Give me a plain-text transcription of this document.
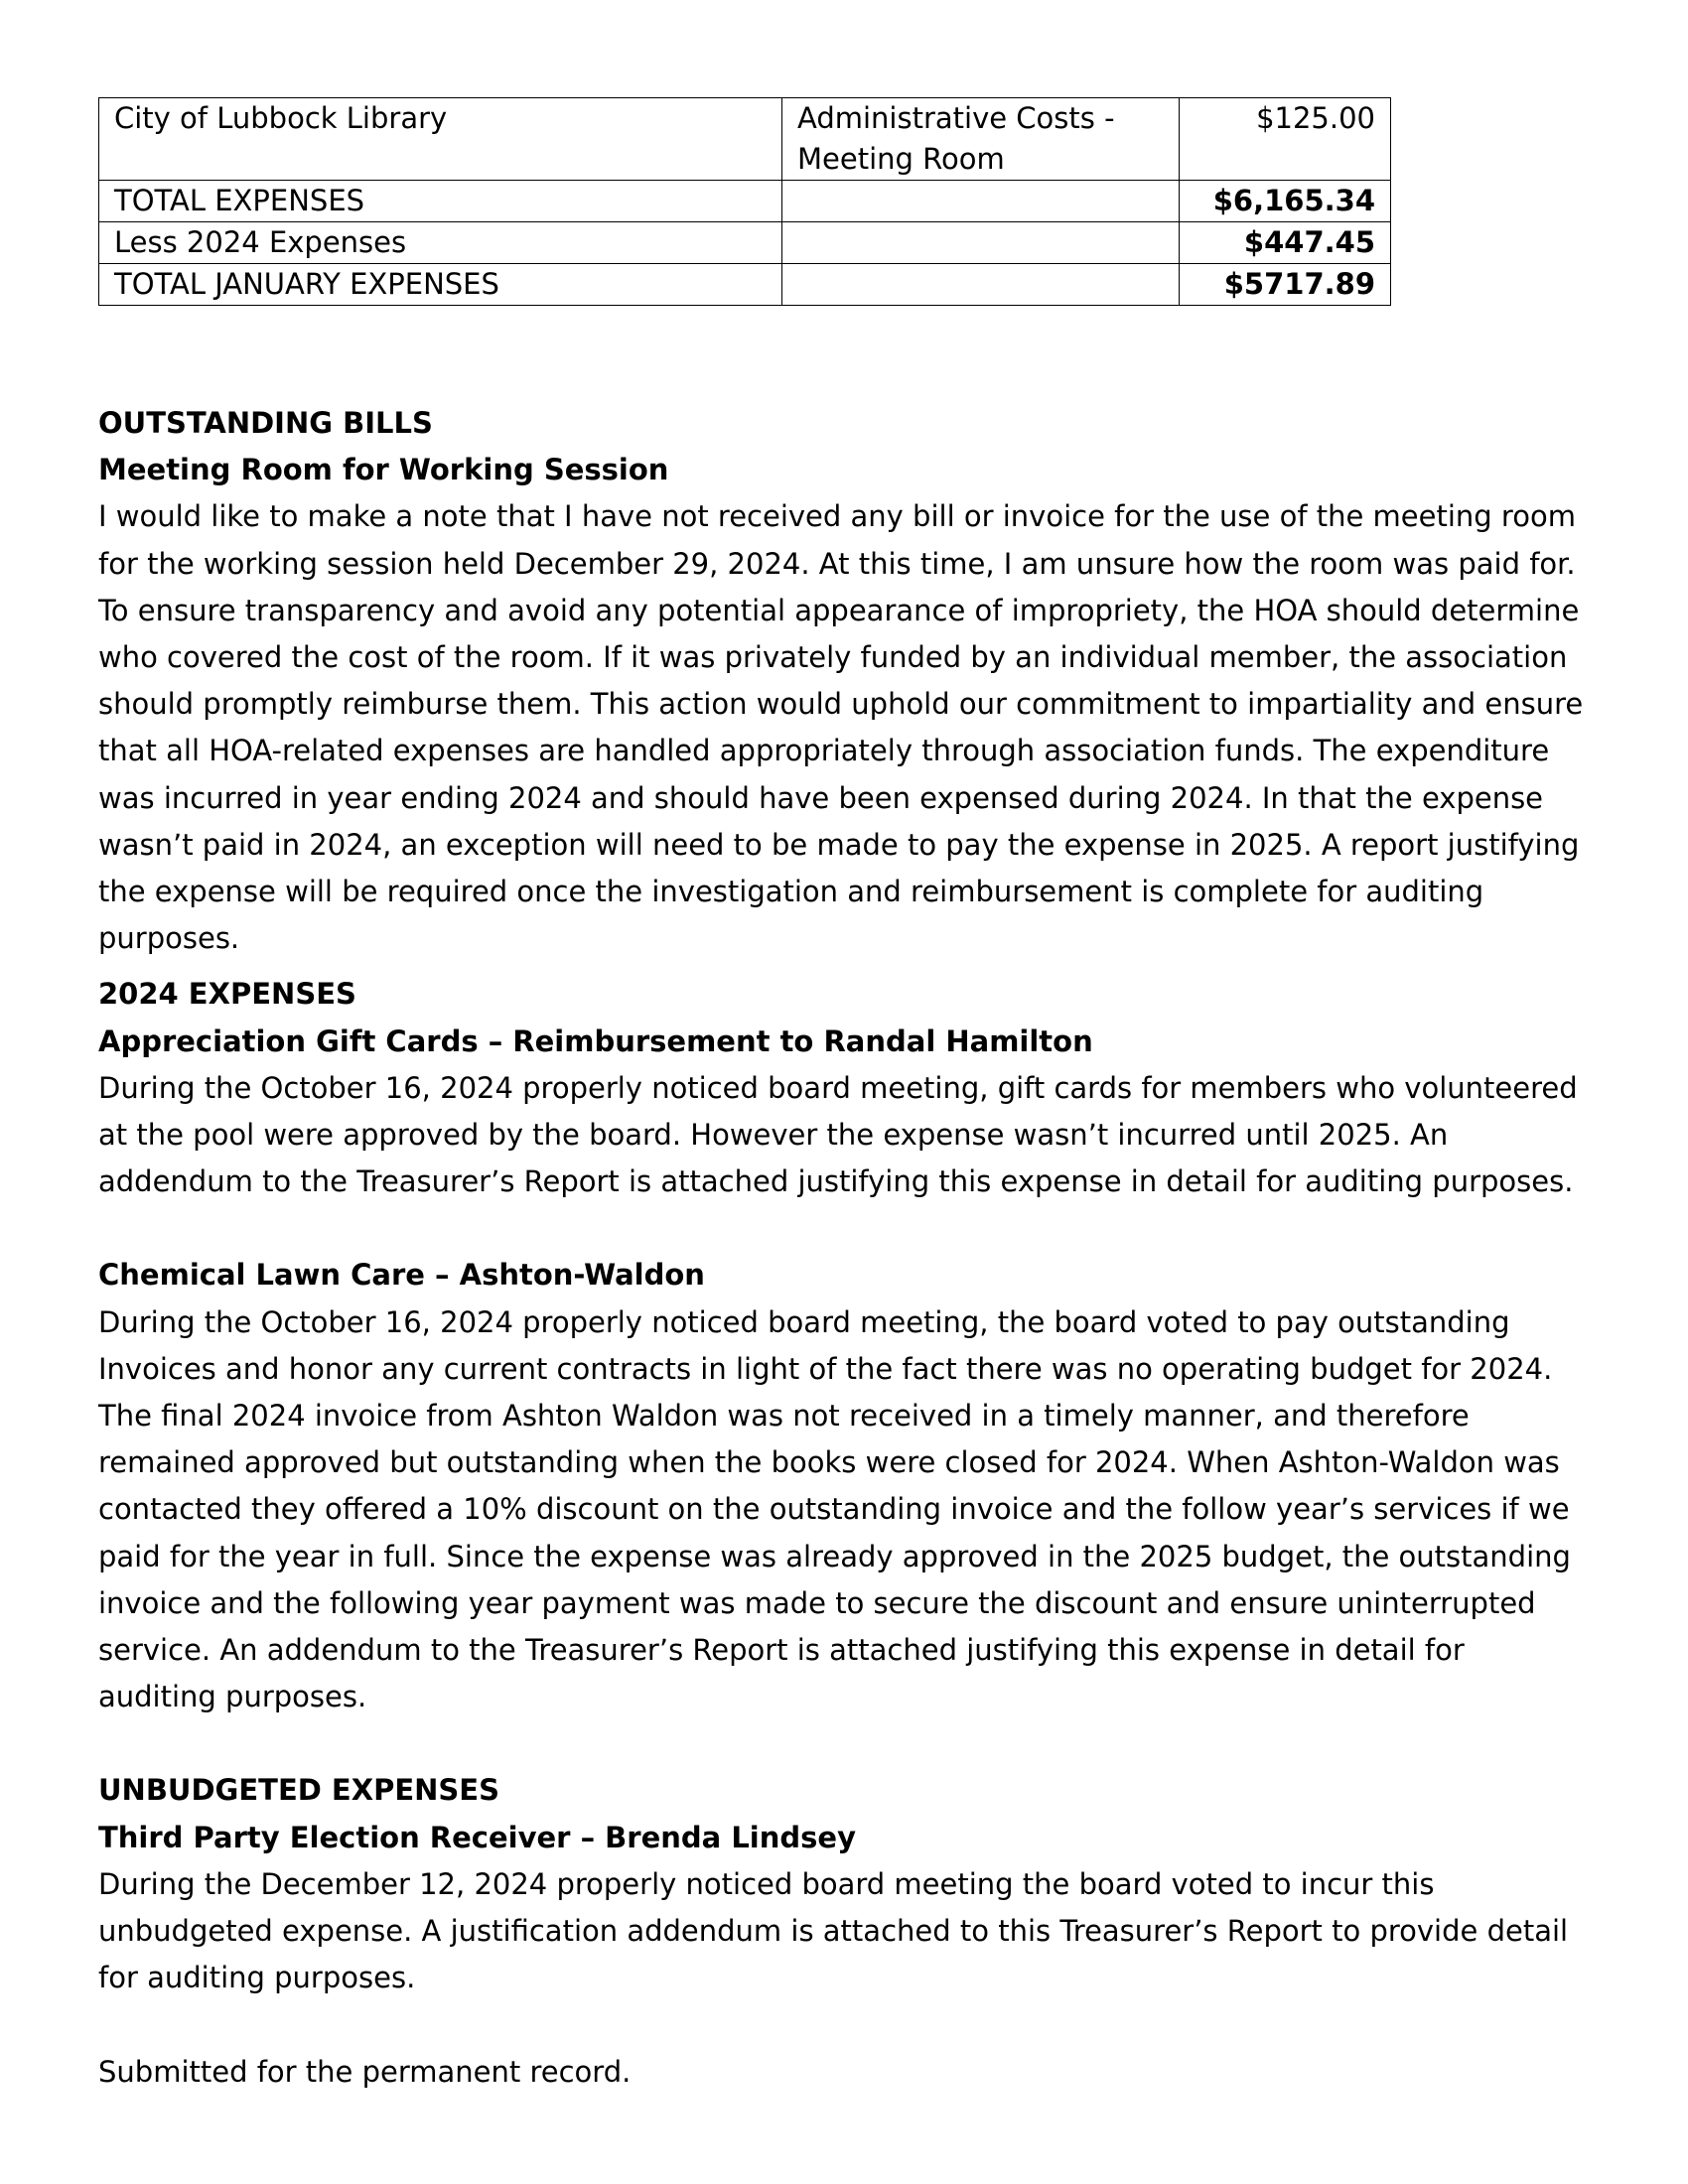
City of Lubbock Library	Administrative Costs - Meeting Room	$125.00
TOTAL EXPENSES		$6,165.34
Less 2024 Expenses		$447.45
TOTAL JANUARY EXPENSES		$5717.89
OUTSTANDING BILLS
Meeting Room for Working Session

I would like to make a note that I have not received any bill or invoice for the use of the meeting room for the working session held December 29, 2024. At this time, I am unsure how the room was paid for.

To ensure transparency and avoid any potential appearance of impropriety, the HOA should determine who covered the cost of the room. If it was privately funded by an individual member, the association should promptly reimburse them. This action would uphold our commitment to impartiality and ensure that all HOA-related expenses are handled appropriately through association funds. The expenditure was incurred in year ending 2024 and should have been expensed during 2024. In that the expense wasn’t paid in 2024, an exception will need to be made to pay the expense in 2025. A report justifying the expense will be required once the investigation and reimbursement is complete for auditing purposes.

2024 EXPENSES
Appreciation Gift Cards – Reimbursement to Randal Hamilton

During the October 16, 2024 properly noticed board meeting, gift cards for members who volunteered at the pool were approved by the board. However the expense wasn’t incurred until 2025. An addendum to the Treasurer’s Report is attached justifying this expense in detail for auditing purposes.

Chemical Lawn Care – Ashton-Waldon

During the October 16, 2024 properly noticed board meeting, the board voted to pay outstanding Invoices and honor any current contracts in light of the fact there was no operating budget for 2024. The final 2024 invoice from Ashton Waldon was not received in a timely manner, and therefore remained approved but outstanding when the books were closed for 2024. When Ashton-Waldon was contacted they offered a 10% discount on the outstanding invoice and the follow year’s services if we paid for the year in full. Since the expense was already approved in the 2025 budget, the outstanding invoice and the following year payment was made to secure the discount and ensure uninterrupted service. An addendum to the Treasurer’s Report is attached justifying this expense in detail for auditing purposes.

UNBUDGETED EXPENSES
Third Party Election Receiver – Brenda Lindsey

During the December 12, 2024 properly noticed board meeting the board voted to incur this unbudgeted expense. A justification addendum is attached to this Treasurer’s Report to provide detail for auditing purposes.

Submitted for the permanent record.
